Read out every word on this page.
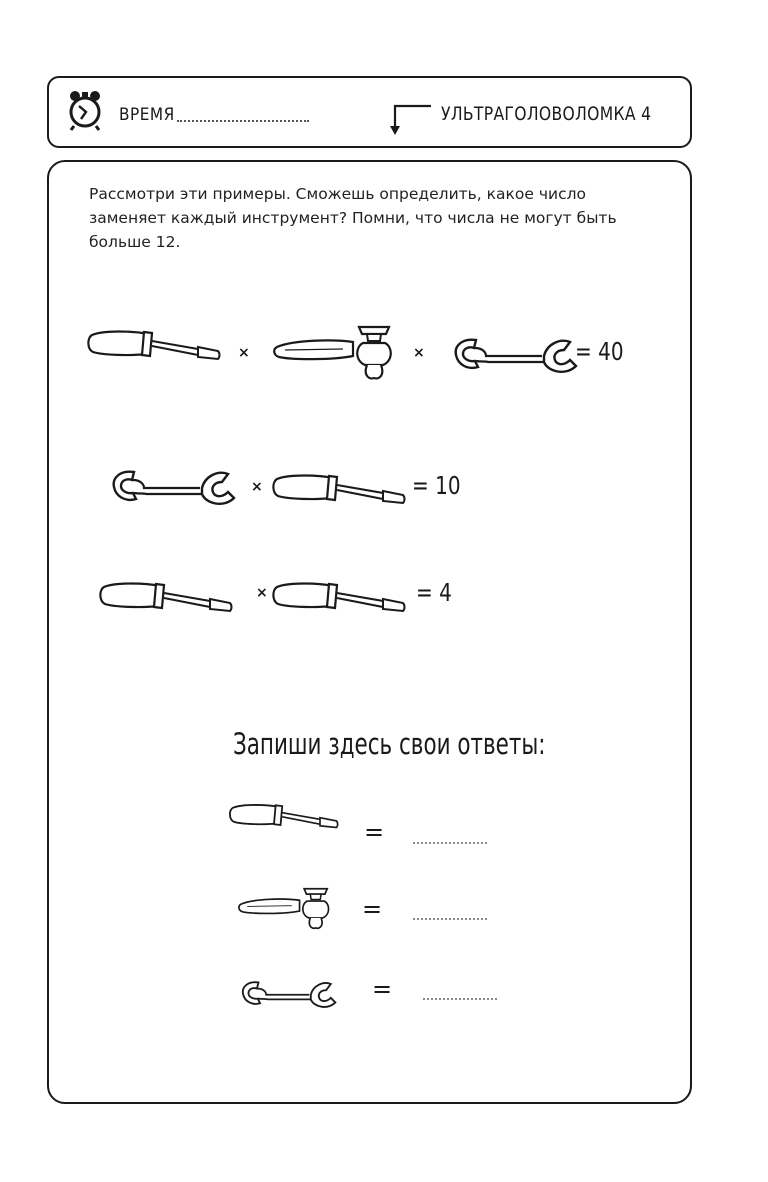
ВРЕМЯ	УЛЬТРАГОЛОВОЛОМКА 4

Рассмотри эти примеры. Сможешь определить, какое число заменяет каждый инструмент? Помни, что числа не могут быть больше 12.

×	×	= 40
×	= 10
×	= 4
Запиши здесь свои ответы:
=
=
=
